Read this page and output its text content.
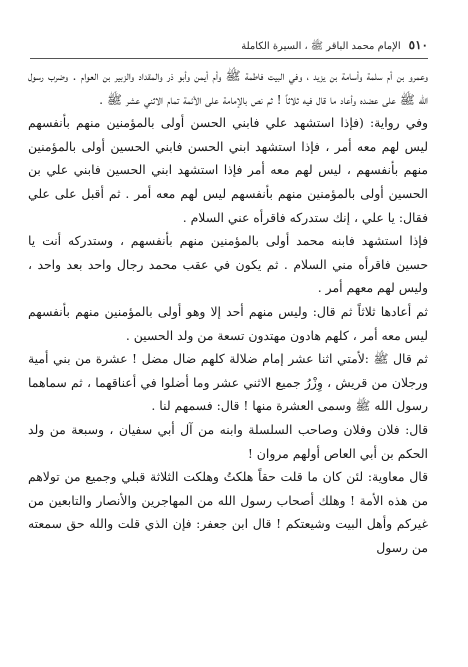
٥١٠
الإمام محمد الباقر ﷺ ، السيرة الكاملة

وعمرو بن أم سلمة وأسامة بن يزيد ، وفي البيت فاطمة ﷺ وأم أيمن وأبو ذر والمقداد والزبير بن العوام . وضرب رسول الله ﷺ على عضده وأعاد ما قال فيه ثلاثاً ! ثم نص بالإمامة على الأئمة تمام الاثني عشر ﷺ .

وفي رواية: (فإذا استشهد علي فابني الحسن أولى بالمؤمنين منهم بأنفسهم ليس لهم معه أمر ، فإذا استشهد ابني الحسن فابني الحسين أولى بالمؤمنين منهم بأنفسهم ، ليس لهم معه أمر فإذا استشهد ابني الحسين فابني علي بن الحسين أولى بالمؤمنين منهم بأنفسهم ليس لهم معه أمر . ثم أقبل على علي فقال: يا علي ، إنك ستدركه فاقرأه عني السلام .

فإذا استشهد فابنه محمد أولى بالمؤمنين منهم بأنفسهم ، وستدركه أنت يا حسين فاقرأه مني السلام . ثم يكون في عقب محمد رجال واحد بعد واحد ، وليس لهم معهم أمر .

ثم أعادها ثلاثاً ثم قال: وليس منهم أحد إلا وهو أولى بالمؤمنين منهم بأنفسهم ليس معه أمر ، كلهم هادون مهتدون تسعة من ولد الحسين .

ثم قال ﷺ :لأمتي اثنا عشر إمام ضلالة كلهم ضال مضل ! عشرة من بني أمية ورجلان من قريش ، وِزْرُ جميع الاثني عشر وما أضلوا في أعناقهما ، ثم سماهما رسول الله ﷺ وسمى العشرة منها ! قال: فسمهم لنا .

قال: فلان وفلان وصاحب السلسلة وابنه من آل أبي سفيان ، وسبعة من ولد الحكم بن أبي العاص أولهم مروان !

قال معاوية: لئن كان ما قلت حقاً هلكتُ وهلكت الثلاثة قبلي وجميع من تولاهم من هذه الأمة ! وهلك أصحاب رسول الله من المهاجرين والأنصار والتابعين من غيركم وأهل البيت وشيعتكم ! قال ابن جعفر: فإن الذي قلت والله حق سمعته من رسول
